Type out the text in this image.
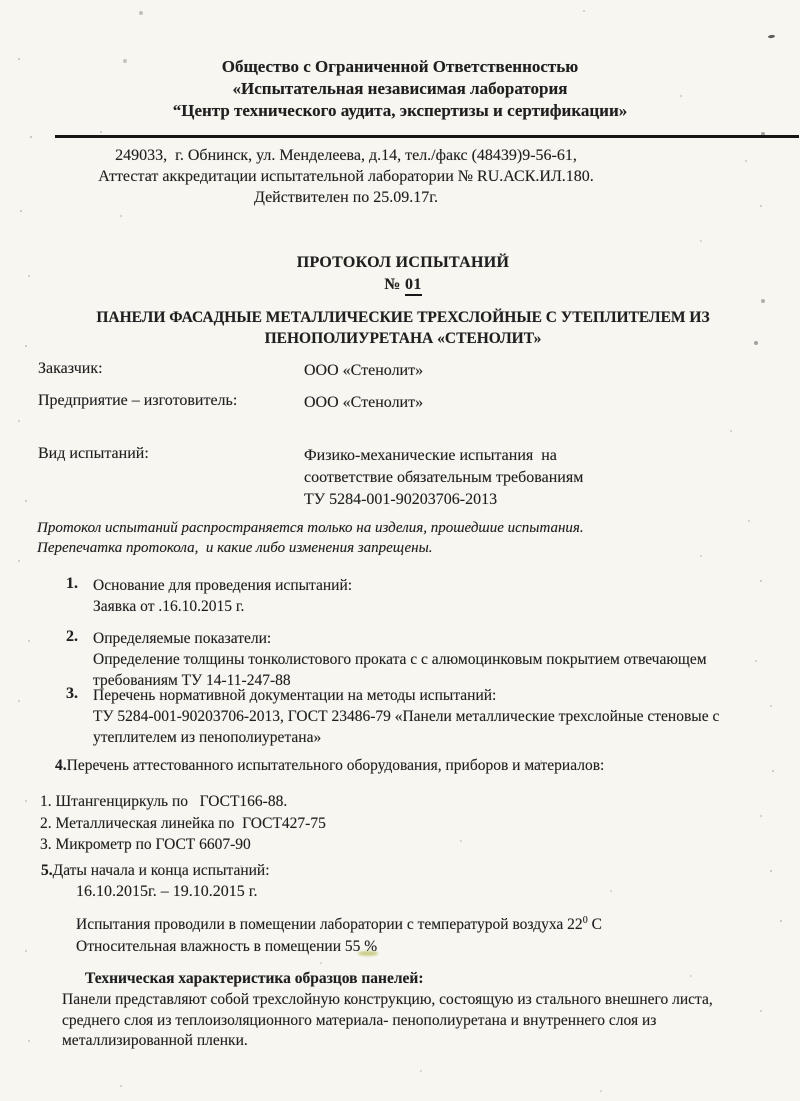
Общество с Ограниченной Ответственностью
«Испытательная независимая лаборатория
“Центр технического аудита, экспертизы и сертификации»
249033,  г. Обнинск, ул. Менделеева, д.14, тел./факс (48439)9-56-61,
Аттестат аккредитации испытательной лаборатории № RU.АСК.ИЛ.180.
Действителен по 25.09.17г.
ПРОТОКОЛ ИСПЫТАНИЙ
№ 01
ПАНЕЛИ ФАСАДНЫЕ МЕТАЛЛИЧЕСКИЕ ТРЕХСЛОЙНЫЕ С УТЕПЛИТЕЛЕМ ИЗ
ПЕНОПОЛИУРЕТАНА «СТЕНОЛИТ»
Заказчик:	ООО «Стенолит»
Предприятие – изготовитель:	ООО «Стенолит»
Вид испытаний:	Физико-механические испытания  на
соответствие обязательным требованиям
ТУ 5284-001-90203706-2013
Протокол испытаний распространяется только на изделия, прошедшие испытания.
Перепечатка протокола,  и какие либо изменения запрещены.
1. Основание для проведения испытаний:
Заявка от .16.10.2015 г.
2. Определяемые показатели:
Определение толщины тонколистового проката с с алюмоцинковым покрытием отвечающем
требованиям ТУ 14-11-247-88
3. Перечень нормативной документации на методы испытаний:
ТУ 5284-001-90203706-2013, ГОСТ 23486-79 «Панели металлические трехслойные стеновые с
утеплителем из пенополиуретана»
4.Перечень аттестованного испытательного оборудования, приборов и материалов:
1. Штангенциркуль по   ГОСТ166-88.
2. Металлическая линейка по  ГОСТ427-75
3. Микрометр по ГОСТ 6607-90
5.Даты начала и конца испытаний:
16.10.2015г. – 19.10.2015 г.
Испытания проводили в помещении лаборатории с температурой воздуха $22^0$ С
Относительная влажность в помещении 55 %
Техническая характеристика образцов панелей:
Панели представляют собой трехслойную конструкцию, состоящую из стального внешнего листа,
среднего слоя из теплоизоляционного материала- пенополиуретана и внутреннего слоя из
металлизированной пленки.
